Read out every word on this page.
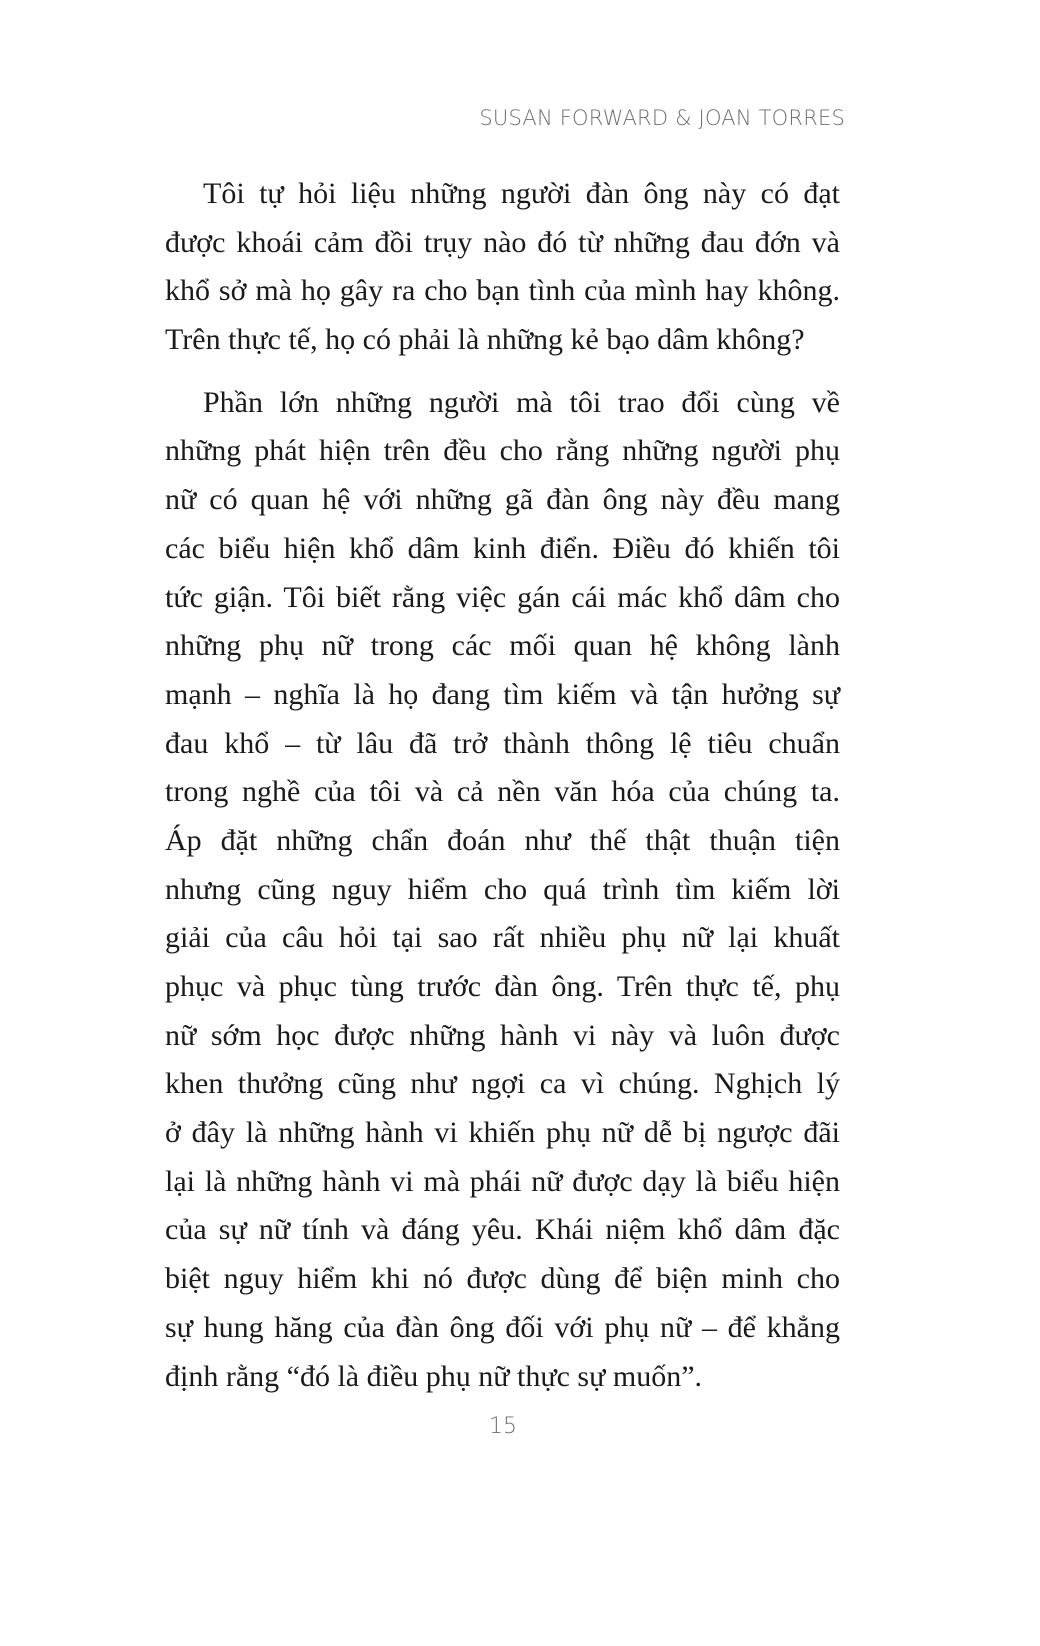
SUSAN FORWARD & JOAN TORRES
Tôi tự hỏi liệu những người đàn ông này có đạt
được khoái cảm đồi trụy nào đó từ những đau đớn và
khổ sở mà họ gây ra cho bạn tình của mình hay không.
Trên thực tế, họ có phải là những kẻ bạo dâm không?
Phần lớn những người mà tôi trao đổi cùng về
những phát hiện trên đều cho rằng những người phụ
nữ có quan hệ với những gã đàn ông này đều mang
các biểu hiện khổ dâm kinh điển. Điều đó khiến tôi
tức giận. Tôi biết rằng việc gán cái mác khổ dâm cho
những phụ nữ trong các mối quan hệ không lành
mạnh – nghĩa là họ đang tìm kiếm và tận hưởng sự
đau khổ – từ lâu đã trở thành thông lệ tiêu chuẩn
trong nghề của tôi và cả nền văn hóa của chúng ta.
Áp đặt những chẩn đoán như thế thật thuận tiện
nhưng cũng nguy hiểm cho quá trình tìm kiếm lời
giải của câu hỏi tại sao rất nhiều phụ nữ lại khuất
phục và phục tùng trước đàn ông. Trên thực tế, phụ
nữ sớm học được những hành vi này và luôn được
khen thưởng cũng như ngợi ca vì chúng. Nghịch lý
ở đây là những hành vi khiến phụ nữ dễ bị ngược đãi
lại là những hành vi mà phái nữ được dạy là biểu hiện
của sự nữ tính và đáng yêu. Khái niệm khổ dâm đặc
biệt nguy hiểm khi nó được dùng để biện minh cho
sự hung hăng của đàn ông đối với phụ nữ – để khẳng
định rằng “đó là điều phụ nữ thực sự muốn”.
15
